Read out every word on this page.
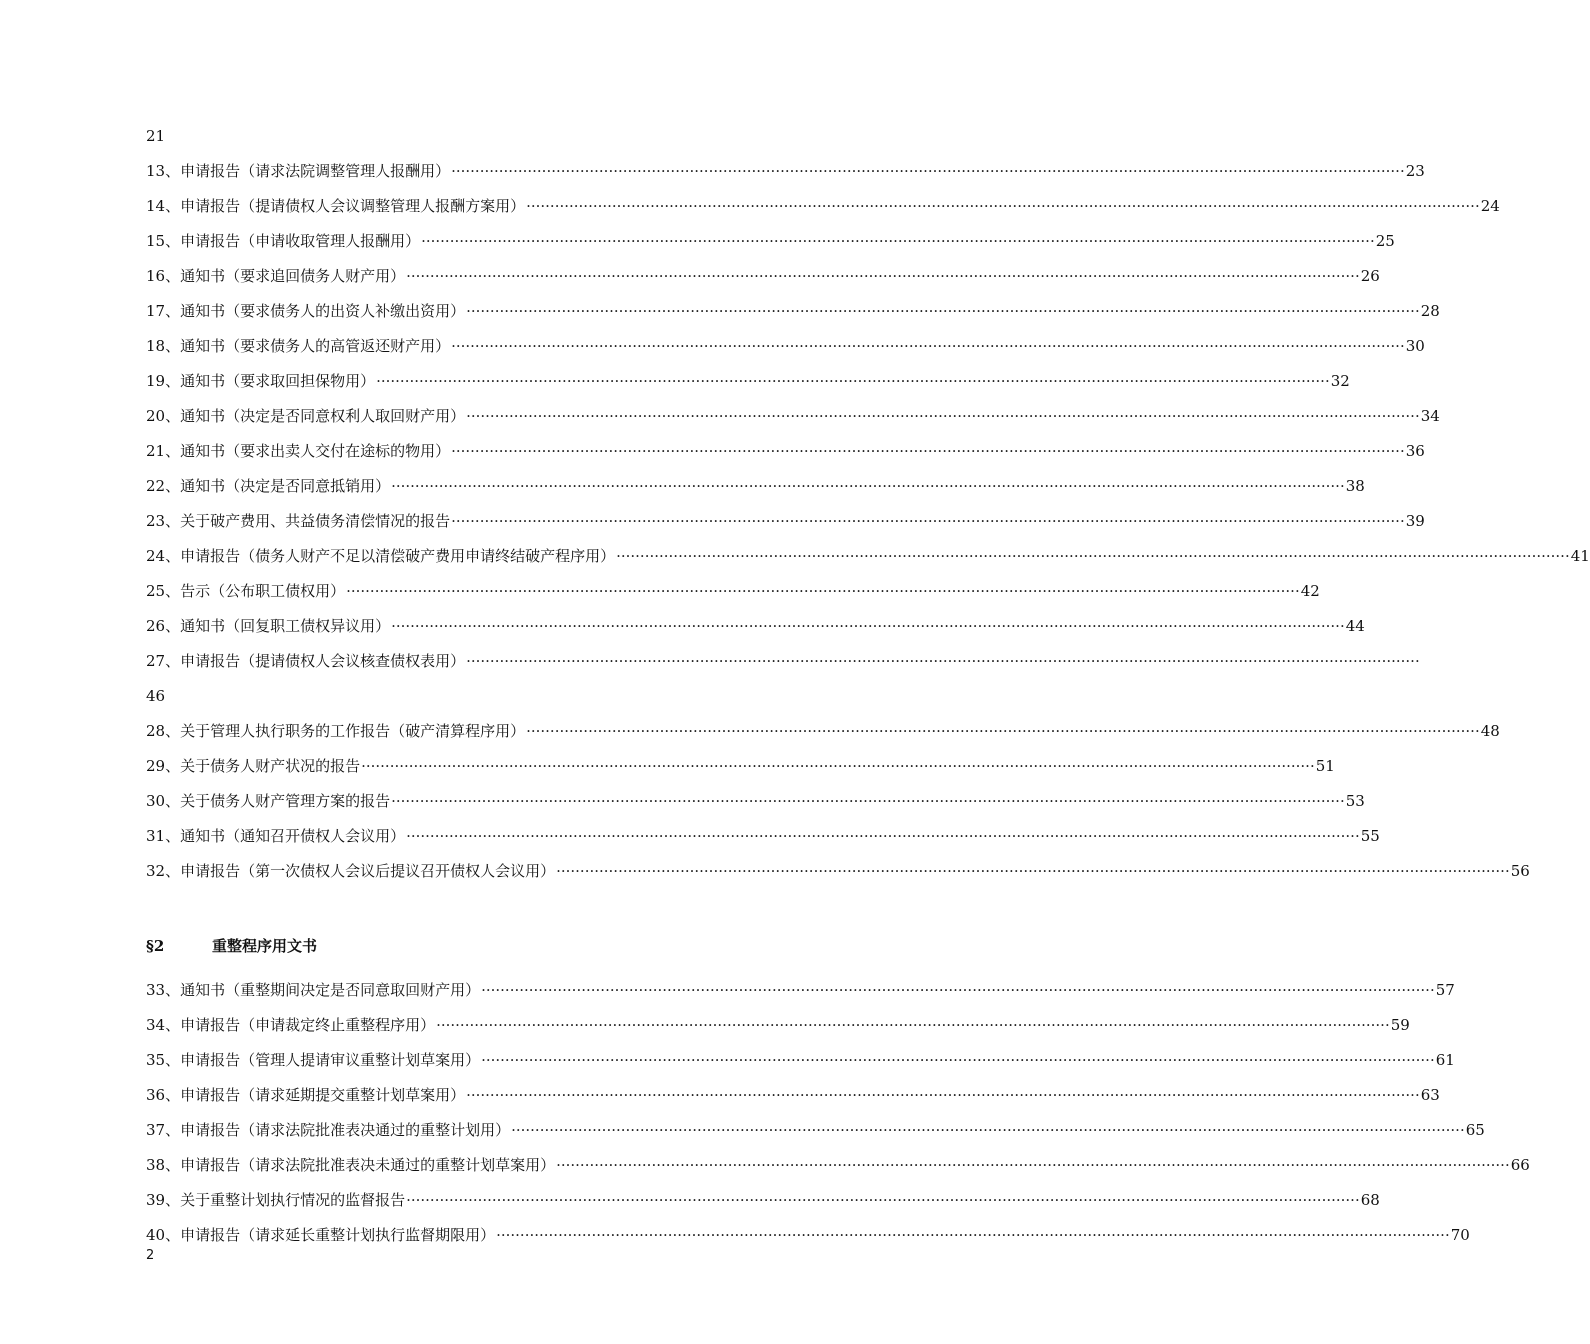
21
13、申请报告（请求法院调整管理人报酬用） ········································································································································································································ 23
14、申请报告（提请债权人会议调整管理人报酬方案用） ········································································································································································································ 24
15、申请报告（申请收取管理人报酬用） ········································································································································································································ 25
16、通知书（要求追回债务人财产用） ········································································································································································································ 26
17、通知书（要求债务人的出资人补缴出资用） ········································································································································································································ 28
18、通知书（要求债务人的高管返还财产用） ········································································································································································································ 30
19、通知书（要求取回担保物用） ········································································································································································································ 32
20、通知书（决定是否同意权利人取回财产用） ········································································································································································································ 34
21、通知书（要求出卖人交付在途标的物用） ········································································································································································································ 36
22、通知书（决定是否同意抵销用） ········································································································································································································ 38
23、关于破产费用、共益债务清偿情况的报告 ········································································································································································································ 39
24、申请报告（债务人财产不足以清偿破产费用申请终结破产程序用） ········································································································································································································ 41
25、告示（公布职工债权用） ········································································································································································································ 42
26、通知书（回复职工债权异议用） ········································································································································································································ 44
27、申请报告（提请债权人会议核查债权表用） ········································································································································································································
46
28、关于管理人执行职务的工作报告（破产清算程序用） ········································································································································································································ 48
29、关于债务人财产状况的报告 ········································································································································································································ 51
30、关于债务人财产管理方案的报告 ········································································································································································································ 53
31、通知书（通知召开债权人会议用） ········································································································································································································ 55
32、申请报告（第一次债权人会议后提议召开债权人会议用） ········································································································································································································ 56
§2	重整程序用文书
33、通知书（重整期间决定是否同意取回财产用） ········································································································································································································ 57
34、申请报告（申请裁定终止重整程序用） ········································································································································································································ 59
35、申请报告（管理人提请审议重整计划草案用） ········································································································································································································ 61
36、申请报告（请求延期提交重整计划草案用） ········································································································································································································ 63
37、申请报告（请求法院批准表决通过的重整计划用） ········································································································································································································ 65
38、申请报告（请求法院批准表决未通过的重整计划草案用） ········································································································································································································ 66
39、关于重整计划执行情况的监督报告 ········································································································································································································ 68
40、申请报告（请求延长重整计划执行监督期限用） ········································································································································································································ 70
2
